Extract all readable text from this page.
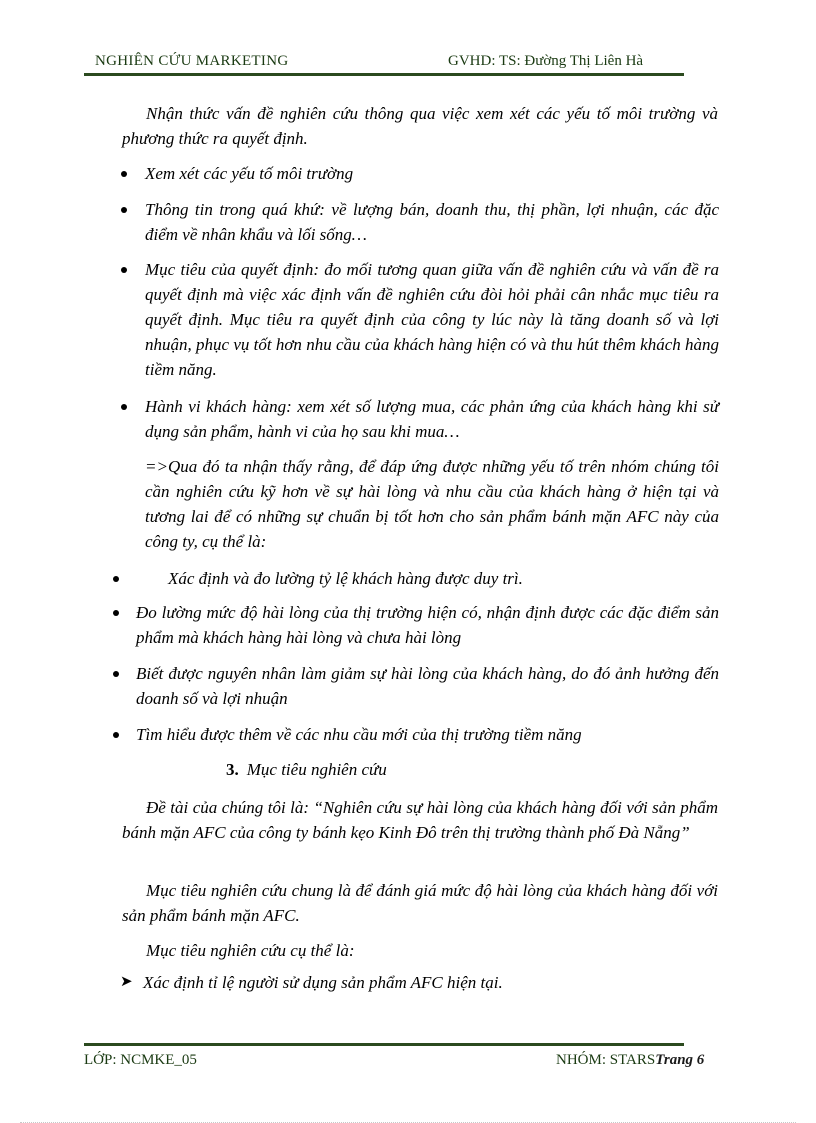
NGHIÊN CỨU MARKETING	GVHD: TS: Đường Thị Liên Hà

Nhận thức vấn đề nghiên cứu thông qua việc xem xét các yếu tố môi trường và phương thức ra quyết định.

Xem xét các yếu tố môi trường

Thông tin trong quá khứ: về lượng bán, doanh thu, thị phần, lợi nhuận, các đặc điểm về nhân khẩu và lối sống…

Mục tiêu của quyết định: đo mối tương quan giữa vấn đề nghiên cứu và vấn đề ra quyết định mà việc xác định vấn đề nghiên cứu đòi hỏi phải cân nhắc mục tiêu ra quyết định. Mục tiêu ra quyết định của công ty lúc này là tăng doanh số và lợi nhuận, phục vụ tốt hơn nhu cầu của khách hàng hiện có và thu hút thêm khách hàng tiềm năng.

Hành vi khách hàng: xem xét số lượng mua, các phản ứng của khách hàng khi sử dụng sản phẩm, hành vi của họ sau khi mua…

=>Qua đó ta nhận thấy rằng, để đáp ứng được những yếu tố trên nhóm chúng tôi cần nghiên cứu kỹ hơn về sự hài lòng và nhu cầu của khách hàng ở hiện tại và tương lai để có những sự chuẩn bị tốt hơn cho sản phẩm bánh mặn AFC này của công ty, cụ thể là:

Xác định và đo lường tỷ lệ khách hàng được duy trì.

Đo lường mức độ hài lòng của thị trường hiện có, nhận định được các đặc điểm sản phẩm mà khách hàng hài lòng và chưa hài lòng

Biết được nguyên nhân làm giảm sự hài lòng của khách hàng, do đó ảnh hưởng đến doanh số và lợi nhuận

Tìm hiểu được thêm về các nhu cầu mới của thị trường tiềm năng

3. Mục tiêu nghiên cứu

Đề tài của chúng tôi là: “Nghiên cứu sự hài lòng của khách hàng đối với sản phẩm bánh mặn AFC của công ty bánh kẹo Kinh Đô trên thị trường thành phố Đà Nẵng”

Mục tiêu nghiên cứu chung là để đánh giá mức độ hài lòng của khách hàng đối với sản phẩm bánh mặn AFC.

Mục tiêu nghiên cứu cụ thể là:

➤ Xác định tỉ lệ người sử dụng sản phẩm AFC hiện tại.

LỚP: NCMKE_05	NHÓM: STARSTrang 6
